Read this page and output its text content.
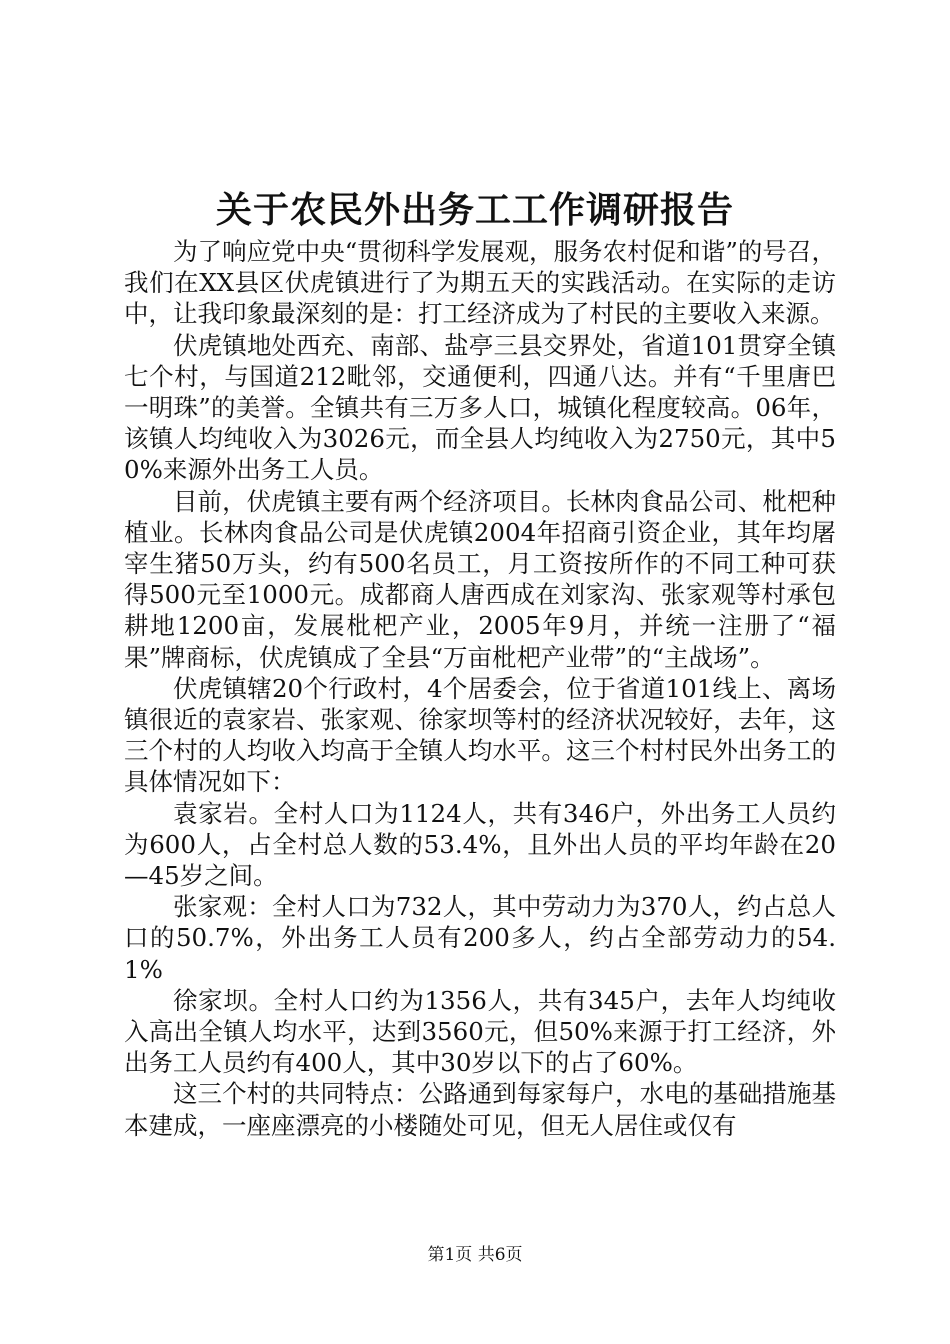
关于农民外出务工工作调研报告

为了响应党中央“贯彻科学发展观，服务农村促和谐”的号召，我们在XX县区伏虎镇进行了为期五天的实践活动。在实际的走访中，让我印象最深刻的是：打工经济成为了村民的主要收入来源。

伏虎镇地处西充、南部、盐亭三县交界处，省道101贯穿全镇七个村，与国道212毗邻，交通便利，四通八达。并有“千里唐巴一明珠”的美誉。全镇共有三万多人口，城镇化程度较高。06年，该镇人均纯收入为3026元，而全县人均纯收入为2750元，其中50%来源外出务工人员。

目前，伏虎镇主要有两个经济项目。长林肉食品公司、枇杷种植业。长林肉食品公司是伏虎镇2004年招商引资企业，其年均屠宰生猪50万头，约有500名员工，月工资按所作的不同工种可获得500元至1000元。成都商人唐西成在刘家沟、张家观等村承包耕地1200亩，发展枇杷产业，2005年9月，并统一注册了“福果”牌商标，伏虎镇成了全县“万亩枇杷产业带”的“主战场”。

伏虎镇辖20个行政村，4个居委会，位于省道101线上、离场镇很近的袁家岩、张家观、徐家坝等村的经济状况较好，去年，这三个村的人均收入均高于全镇人均水平。这三个村村民外出务工的具体情况如下：

袁家岩。全村人口为1124人，共有346户，外出务工人员约为600人，占全村总人数的53.4%，且外出人员的平均年龄在20—45岁之间。

张家观：全村人口为732人，其中劳动力为370人，约占总人口的50.7%，外出务工人员有200多人，约占全部劳动力的54.1%

徐家坝。全村人口约为1356人，共有345户，去年人均纯收入高出全镇人均水平，达到3560元，但50%来源于打工经济，外出务工人员约有400人，其中30岁以下的占了60%。

这三个村的共同特点：公路通到每家每户，水电的基础措施基本建成，一座座漂亮的小楼随处可见，但无人居住或仅有

第1页 共6页
